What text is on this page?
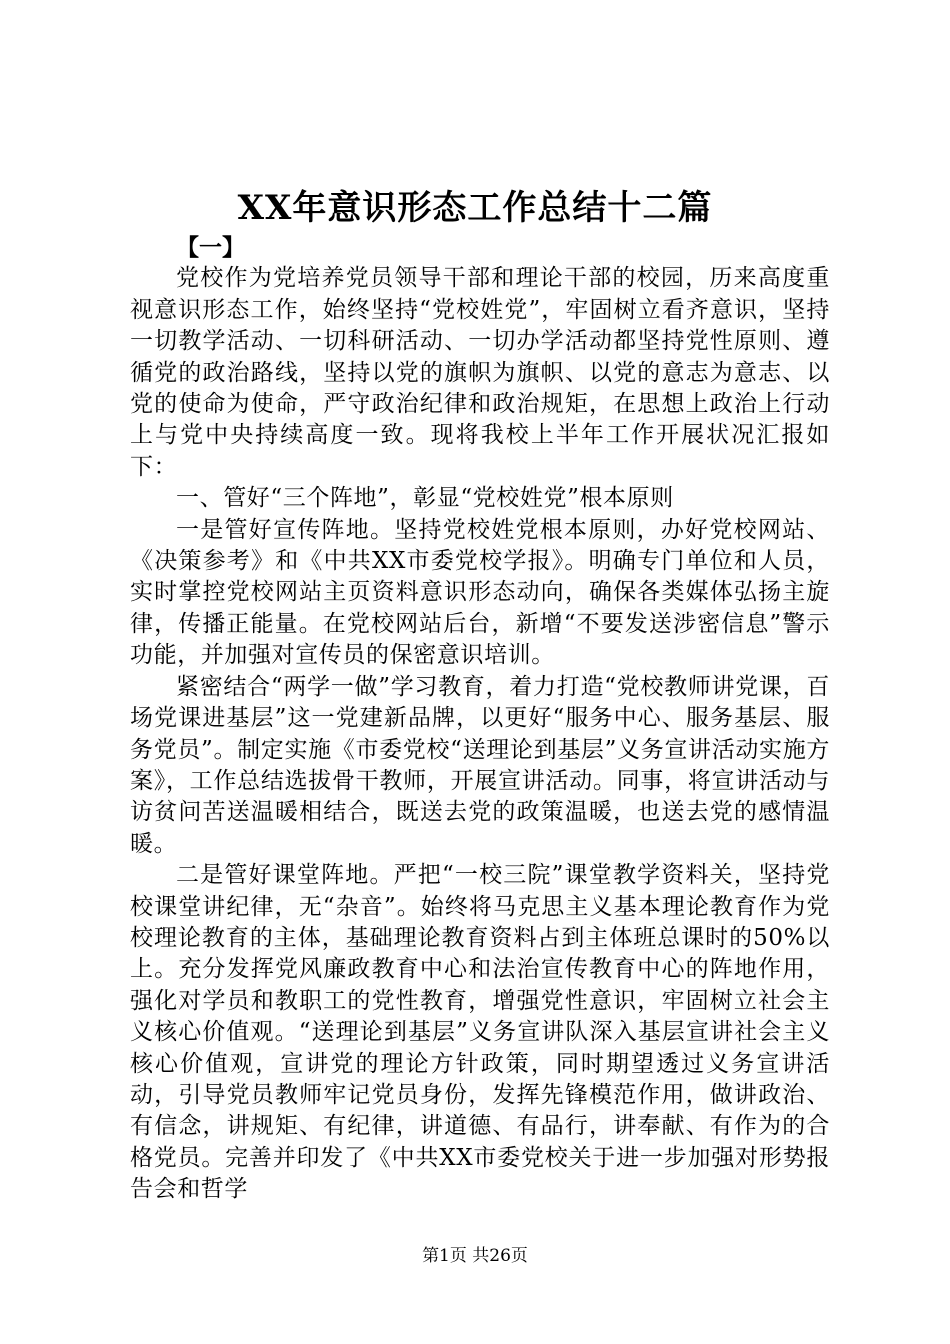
XX年意识形态工作总结十二篇

【一】

党校作为党培养党员领导干部和理论干部的校园，历来高度重视意识形态工作，始终坚持“党校姓党”，牢固树立看齐意识，坚持一切教学活动、一切科研活动、一切办学活动都坚持党性原则、遵循党的政治路线，坚持以党的旗帜为旗帜、以党的意志为意志、以党的使命为使命，严守政治纪律和政治规矩，在思想上政治上行动上与党中央持续高度一致。现将我校上半年工作开展状况汇报如下：

一、管好“三个阵地”，彰显“党校姓党”根本原则

一是管好宣传阵地。坚持党校姓党根本原则，办好党校网站、《决策参考》和《中共XX市委党校学报》。明确专门单位和人员，实时掌控党校网站主页资料意识形态动向，确保各类媒体弘扬主旋律，传播正能量。在党校网站后台，新增“不要发送涉密信息”警示功能，并加强对宣传员的保密意识培训。

紧密结合“两学一做”学习教育，着力打造“党校教师讲党课，百场党课进基层”这一党建新品牌，以更好“服务中心、服务基层、服务党员”。制定实施《市委党校“送理论到基层”义务宣讲活动实施方案》，工作总结选拔骨干教师，开展宣讲活动。同事，将宣讲活动与访贫问苦送温暖相结合，既送去党的政策温暖，也送去党的感情温暖。

二是管好课堂阵地。严把“一校三院”课堂教学资料关，坚持党校课堂讲纪律，无“杂音”。始终将马克思主义基本理论教育作为党校理论教育的主体，基础理论教育资料占到主体班总课时的50%以上。充分发挥党风廉政教育中心和法治宣传教育中心的阵地作用，强化对学员和教职工的党性教育，增强党性意识，牢固树立社会主义核心价值观。“送理论到基层”义务宣讲队深入基层宣讲社会主义核心价值观，宣讲党的理论方针政策，同时期望透过义务宣讲活动，引导党员教师牢记党员身份，发挥先锋模范作用，做讲政治、有信念，讲规矩、有纪律，讲道德、有品行，讲奉献、有作为的合格党员。完善并印发了《中共XX市委党校关于进一步加强对形势报告会和哲学

第1页 共26页
